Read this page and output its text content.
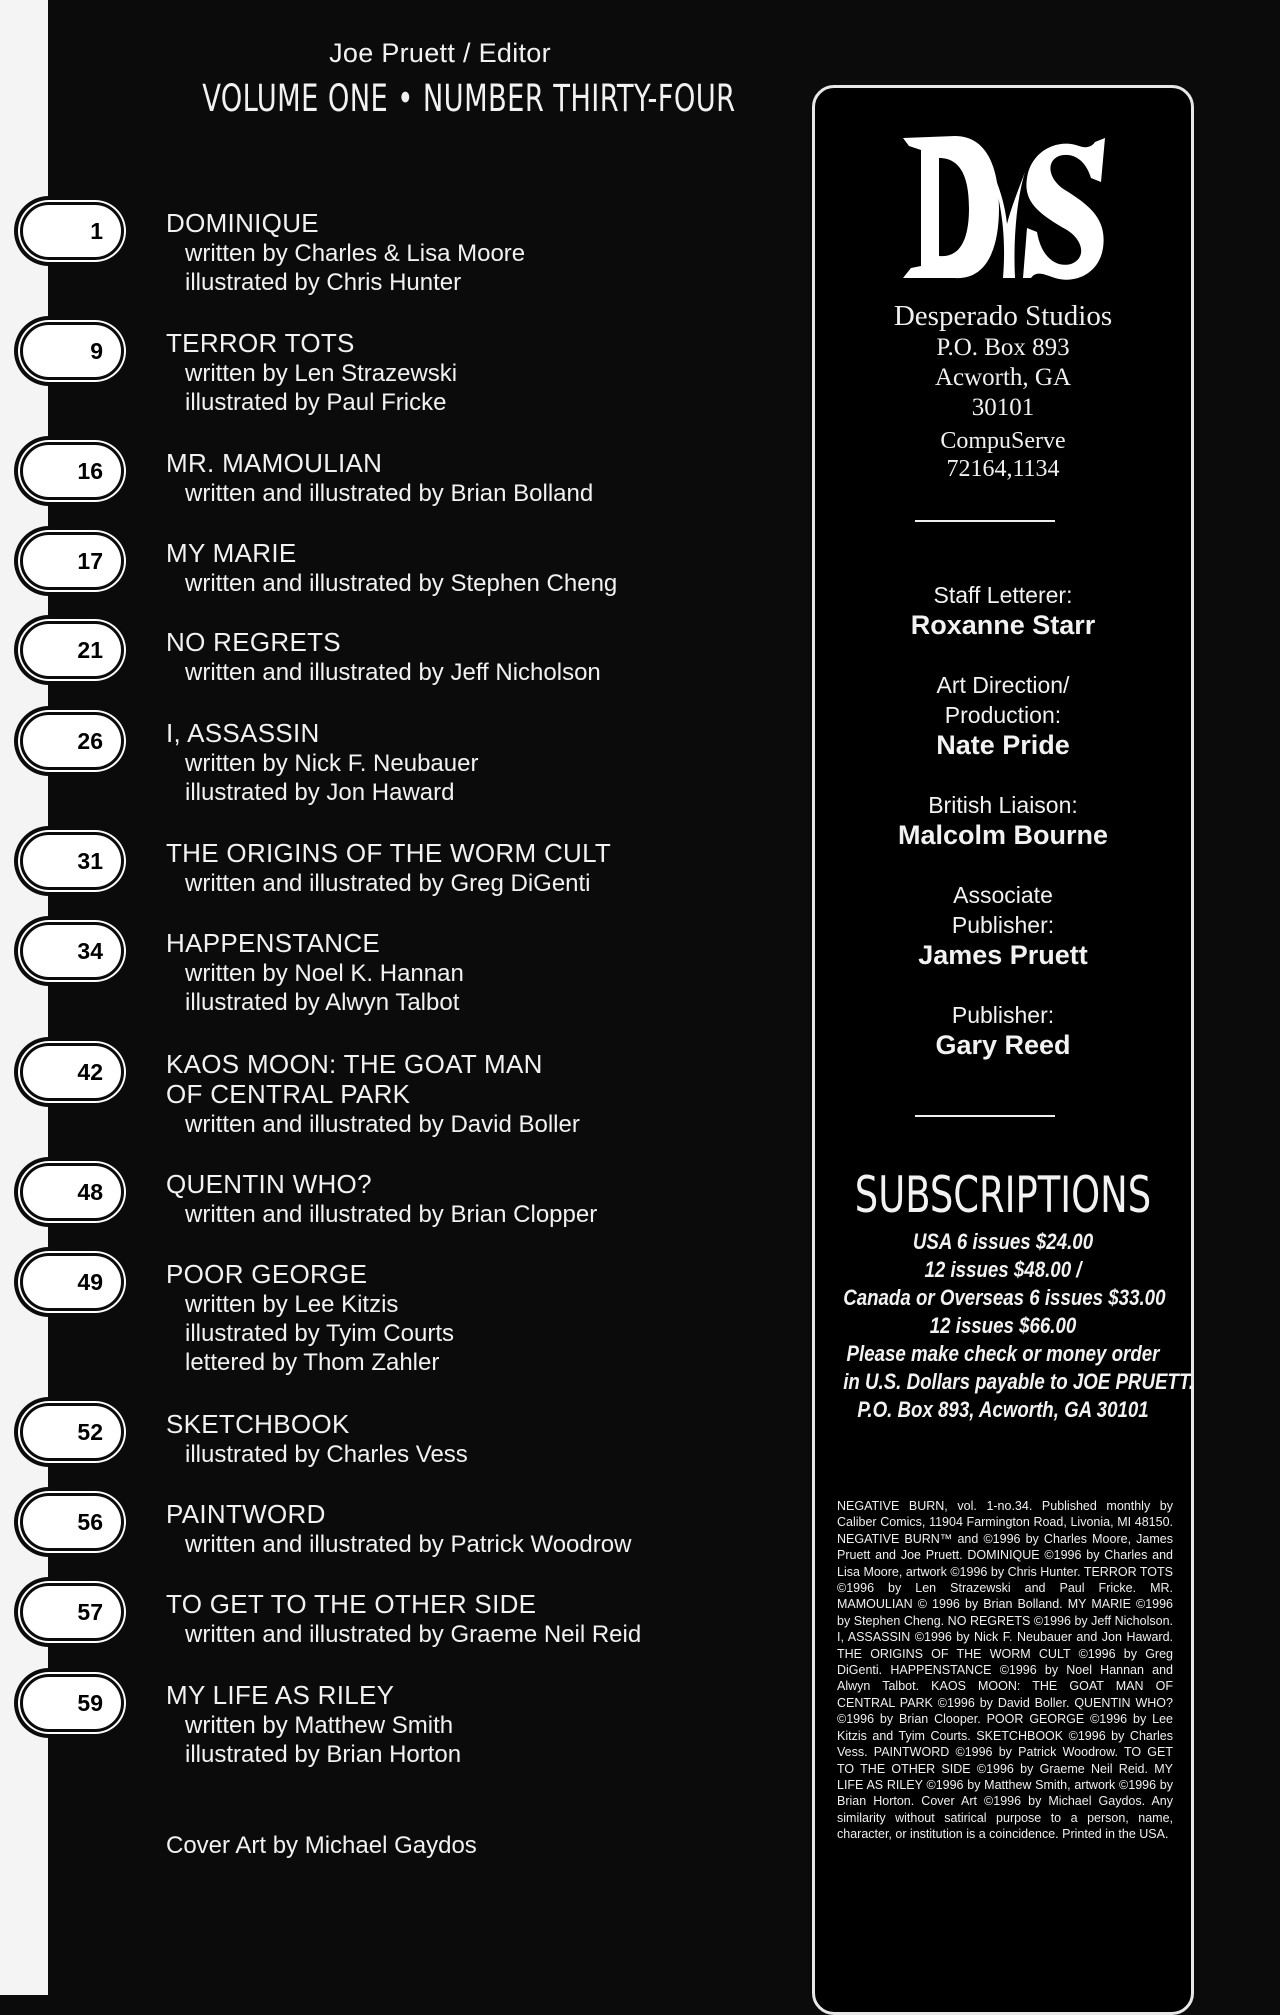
Joe Pruett / Editor
VOLUME ONE • NUMBER THIRTY-FOUR
1	DOMINIQUE
written by Charles & Lisa Moore
illustrated by Chris Hunter
9	TERROR TOTS
written by Len Strazewski
illustrated by Paul Fricke
16	MR. MAMOULIAN
written and illustrated by Brian Bolland
17	MY MARIE
written and illustrated by Stephen Cheng
21	NO REGRETS
written and illustrated by Jeff Nicholson
26	I, ASSASSIN
written by Nick F. Neubauer
illustrated by Jon Haward
31	THE ORIGINS OF THE WORM CULT
written and illustrated by Greg DiGenti
34	HAPPENSTANCE
written by Noel K. Hannan
illustrated by Alwyn Talbot
42	KAOS MOON: THE GOAT MAN
OF CENTRAL PARK
written and illustrated by David Boller
48	QUENTIN WHO?
written and illustrated by Brian Clopper
49	POOR GEORGE
written by Lee Kitzis
illustrated by Tyim Courts
lettered by Thom Zahler
52	SKETCHBOOK
illustrated by Charles Vess
56	PAINTWORD
written and illustrated by Patrick Woodrow
57	TO GET TO THE OTHER SIDE
written and illustrated by Graeme Neil Reid
59	MY LIFE AS RILEY
written by Matthew Smith
illustrated by Brian Horton
Cover Art by Michael Gaydos
Desperado Studios
P.O. Box 893
Acworth, GA
30101
CompuServe
72164,1134
Staff Letterer:
Roxanne Starr
Art Direction/ Production:
Nate Pride
British Liaison:
Malcolm Bourne
Associate Publisher:
James Pruett
Publisher:
Gary Reed
SUBSCRIPTIONS
USA 6 issues $24.00
12 issues $48.00 /
Canada or Overseas 6 issues $33.00
12 issues $66.00
Please make check or money order
in U.S. Dollars payable to JOE PRUETT.
P.O. Box 893, Acworth, GA 30101
NEGATIVE BURN, vol. 1-no.34. Published monthly by Caliber Comics, 11904 Farmington Road, Livonia, MI 48150. NEGATIVE BURN™ and ©1996 by Charles Moore, James Pruett and Joe Pruett. DOMINIQUE ©1996 by Charles and Lisa Moore, artwork ©1996 by Chris Hunter. TERROR TOTS ©1996 by Len Strazewski and Paul Fricke. MR. MAMOULIAN © 1996 by Brian Bolland. MY MARIE ©1996 by Stephen Cheng. NO REGRETS ©1996 by Jeff Nicholson. I, ASSASSIN ©1996 by Nick F. Neubauer and Jon Haward. THE ORIGINS OF THE WORM CULT ©1996 by Greg DiGenti. HAPPENSTANCE ©1996 by Noel Hannan and Alwyn Talbot. KAOS MOON: THE GOAT MAN OF CENTRAL PARK ©1996 by David Boller. QUENTIN WHO? ©1996 by Brian Clooper. POOR GEORGE ©1996 by Lee Kitzis and Tyim Courts. SKETCHBOOK ©1996 by Charles Vess. PAINTWORD ©1996 by Patrick Woodrow. TO GET TO THE OTHER SIDE ©1996 by Graeme Neil Reid. MY LIFE AS RILEY ©1996 by Matthew Smith, artwork ©1996 by Brian Horton. Cover Art ©1996 by Michael Gaydos. Any similarity without satirical purpose to a person, name, character, or institution is a coincidence. Printed in the USA.
